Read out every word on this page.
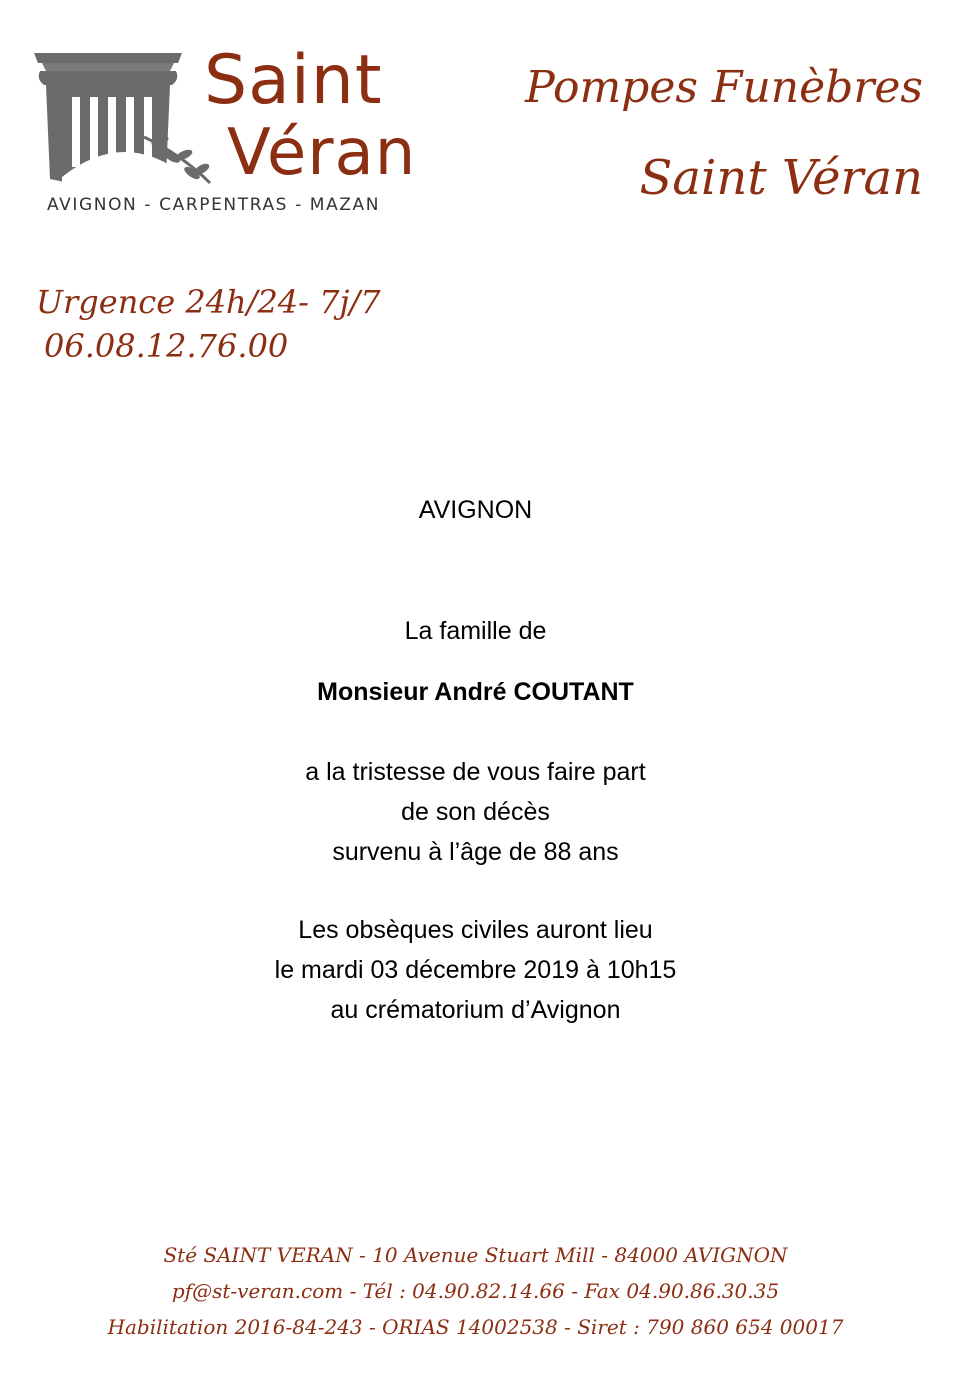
Saint
Véran
AVIGNON - CARPENTRAS - MAZAN
Pompes Funèbres
Saint Véran
Urgence 24h/24- 7j/7
06.08.12.76.00
AVIGNON
La famille de
Monsieur André COUTANT
a la tristesse de vous faire part
de son décès
survenu à l’âge de 88 ans
Les obsèques civiles auront lieu
le mardi 03 décembre 2019 à 10h15
au crématorium d’Avignon
Sté SAINT VERAN - 10 Avenue Stuart Mill - 84000 AVIGNON
pf@st-veran.com - Tél : 04.90.82.14.66 - Fax 04.90.86.30.35
Habilitation 2016-84-243 - ORIAS 14002538 - Siret : 790 860 654 00017
